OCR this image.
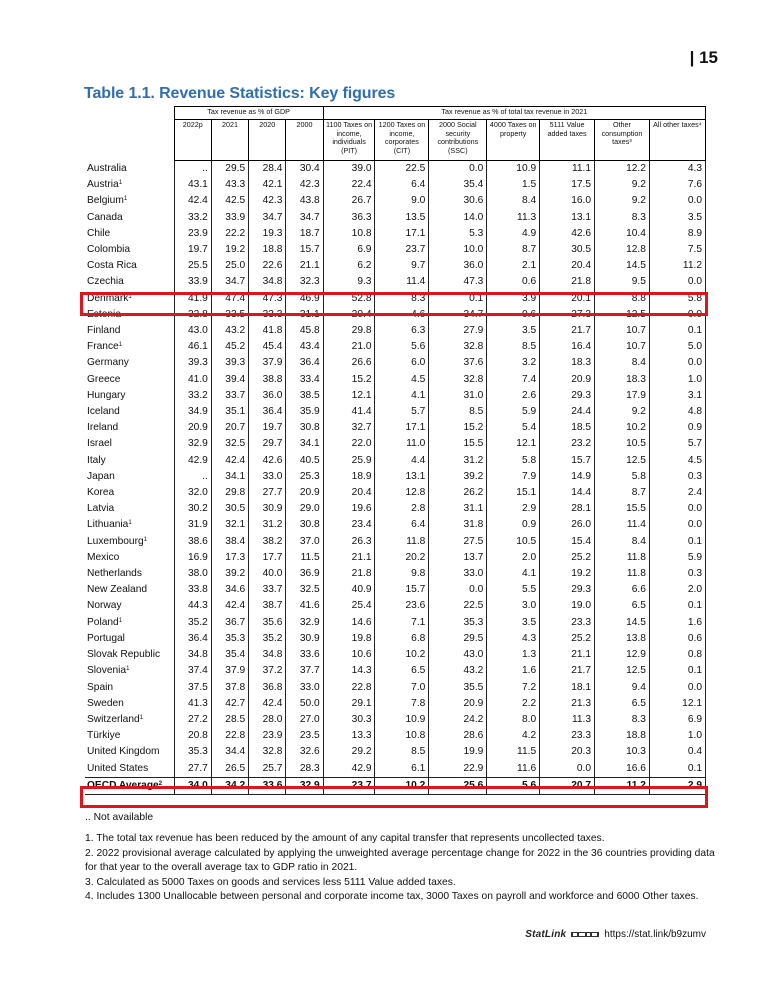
| 15
Table 1.1. Revenue Statistics: Key figures
	Tax revenue as % of GDP				Tax revenue as % of total tax revenue in 2021						
	2022p	2021	2020	2000	1100 Taxes on income, individuals (PIT)	1200 Taxes on income, corporates (CIT)	2000 Social security contributions (SSC)	4000 Taxes on property	5111 Value added taxes	Other consumption taxes³	All other taxes⁴
Australia	..	29.5	28.4	30.4	39.0	22.5	0.0	10.9	11.1	12.2	4.3
Austria$^1$	43.1	43.3	42.1	42.3	22.4	6.4	35.4	1.5	17.5	9.2	7.6
Belgium$^1$	42.4	42.5	42.3	43.8	26.7	9.0	30.6	8.4	16.0	9.2	0.0
Canada	33.2	33.9	34.7	34.7	36.3	13.5	14.0	11.3	13.1	8.3	3.5
Chile	23.9	22.2	19.3	18.7	10.8	17.1	5.3	4.9	42.6	10.4	8.9
Colombia	19.7	19.2	18.8	15.7	6.9	23.7	10.0	8.7	30.5	12.8	7.5
Costa Rica	25.5	25.0	22.6	21.1	6.2	9.7	36.0	2.1	20.4	14.5	11.2
Czechia	33.9	34.7	34.8	32.3	9.3	11.4	47.3	0.6	21.8	9.5	0.0
Denmark$^1$	41.9	47.4	47.3	46.9	52.8	8.3	0.1	3.9	20.1	8.8	5.8
Estonia	32.8	33.5	33.3	31.1	20.4	4.6	34.7	0.6	27.3	12.5	0.0
Finland	43.0	43.2	41.8	45.8	29.8	6.3	27.9	3.5	21.7	10.7	0.1
France$^1$	46.1	45.2	45.4	43.4	21.0	5.6	32.8	8.5	16.4	10.7	5.0
Germany	39.3	39.3	37.9	36.4	26.6	6.0	37.6	3.2	18.3	8.4	0.0
Greece	41.0	39.4	38.8	33.4	15.2	4.5	32.8	7.4	20.9	18.3	1.0
Hungary	33.2	33.7	36.0	38.5	12.1	4.1	31.0	2.6	29.3	17.9	3.1
Iceland	34.9	35.1	36.4	35.9	41.4	5.7	8.5	5.9	24.4	9.2	4.8
Ireland	20.9	20.7	19.7	30.8	32.7	17.1	15.2	5.4	18.5	10.2	0.9
Israel	32.9	32.5	29.7	34.1	22.0	11.0	15.5	12.1	23.2	10.5	5.7
Italy	42.9	42.4	42.6	40.5	25.9	4.4	31.2	5.8	15.7	12.5	4.5
Japan	..	34.1	33.0	25.3	18.9	13.1	39.2	7.9	14.9	5.8	0.3
Korea	32.0	29.8	27.7	20.9	20.4	12.8	26.2	15.1	14.4	8.7	2.4
Latvia	30.2	30.5	30.9	29.0	19.6	2.8	31.1	2.9	28.1	15.5	0.0
Lithuania$^1$	31.9	32.1	31.2	30.8	23.4	6.4	31.8	0.9	26.0	11.4	0.0
Luxembourg$^1$	38.6	38.4	38.2	37.0	26.3	11.8	27.5	10.5	15.4	8.4	0.1
Mexico	16.9	17.3	17.7	11.5	21.1	20.2	13.7	2.0	25.2	11.8	5.9
Netherlands	38.0	39.2	40.0	36.9	21.8	9.8	33.0	4.1	19.2	11.8	0.3
New Zealand	33.8	34.6	33.7	32.5	40.9	15.7	0.0	5.5	29.3	6.6	2.0
Norway	44.3	42.4	38.7	41.6	25.4	23.6	22.5	3.0	19.0	6.5	0.1
Poland$^1$	35.2	36.7	35.6	32.9	14.6	7.1	35.3	3.5	23.3	14.5	1.6
Portugal	36.4	35.3	35.2	30.9	19.8	6.8	29.5	4.3	25.2	13.8	0.6
Slovak Republic	34.8	35.4	34.8	33.6	10.6	10.2	43.0	1.3	21.1	12.9	0.8
Slovenia$^1$	37.4	37.9	37.2	37.7	14.3	6.5	43.2	1.6	21.7	12.5	0.1
Spain	37.5	37.8	36.8	33.0	22.8	7.0	35.5	7.2	18.1	9.4	0.0
Sweden	41.3	42.7	42.4	50.0	29.1	7.8	20.9	2.2	21.3	6.5	12.1
Switzerland$^1$	27.2	28.5	28.0	27.0	30.3	10.9	24.2	8.0	11.3	8.3	6.9
Türkiye	20.8	22.8	23.9	23.5	13.3	10.8	28.6	4.2	23.3	18.8	1.0
United Kingdom	35.3	34.4	32.8	32.6	29.2	8.5	19.9	11.5	20.3	10.3	0.4
United States	27.7	26.5	25.7	28.3	42.9	6.1	22.9	11.6	0.0	16.6	0.1
OECD Average$^2$	34.0	34.2	33.6	32.9	23.7	10.2	25.6	5.6	20.7	11.2	2.9
.. Not available
1. The total tax revenue has been reduced by the amount of any capital transfer that represents uncollected taxes.
2. 2022 provisional average calculated by applying the unweighted average percentage change for 2022 in the 36 countries providing data for that year to the overall average tax to GDP ratio in 2021.
3. Calculated as 5000 Taxes on goods and services less 5111 Value added taxes.
4. Includes 1300 Unallocable between personal and corporate income tax, 3000 Taxes on payroll and workforce and 6000 Other taxes.
StatLink	https://stat.link/b9zumv
